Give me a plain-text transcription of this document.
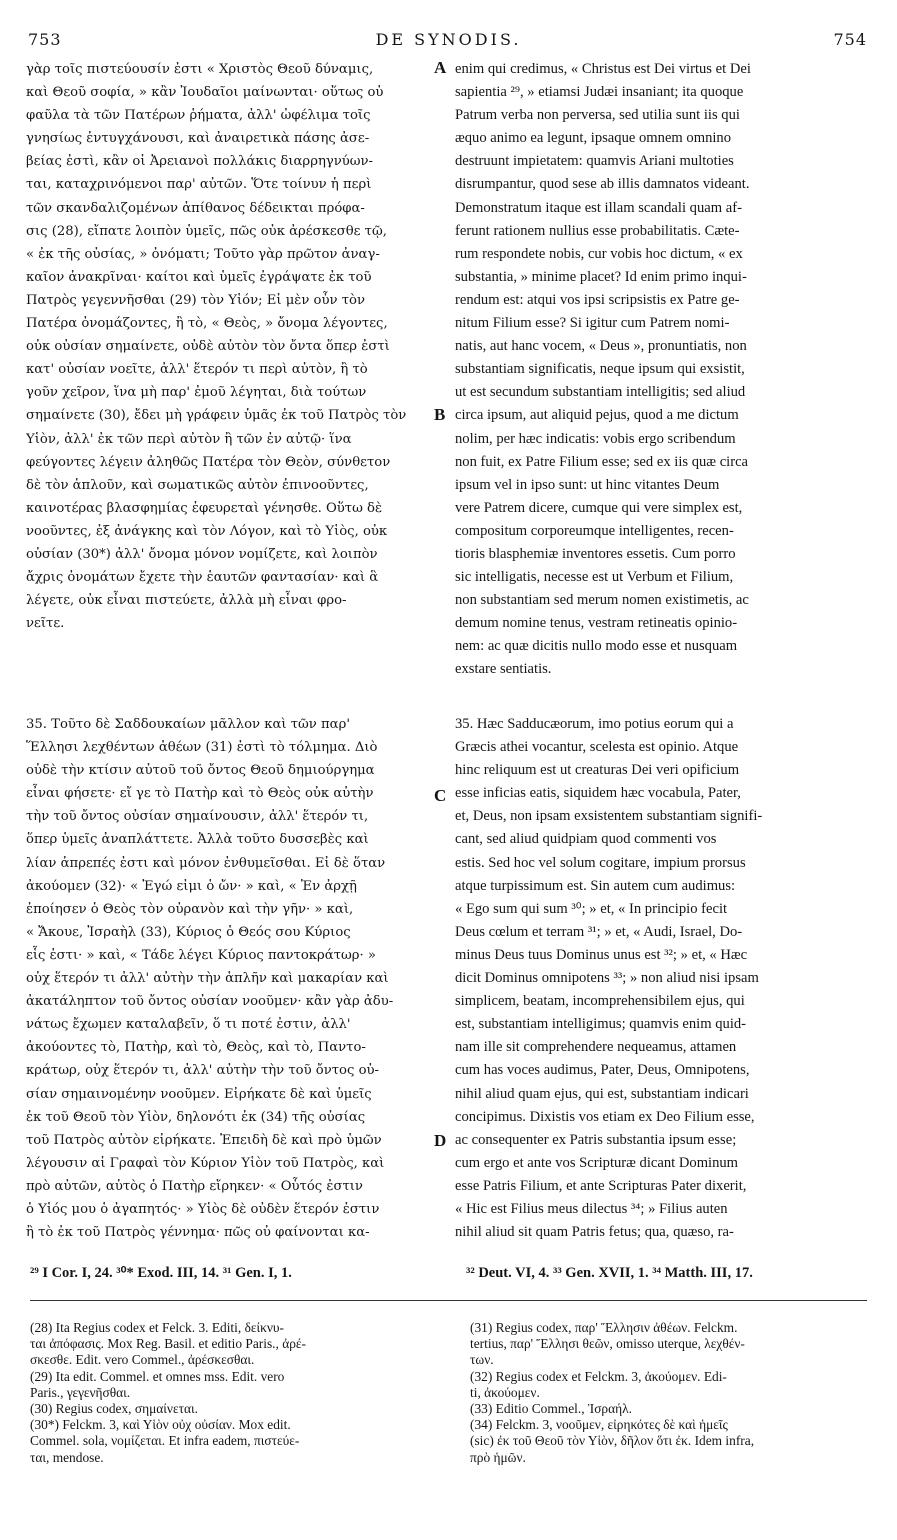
753	DE SYNODIS.	754
γὰρ τοῖς πιστεύουσίν ἐστι « Χριστὸς Θεοῦ δύναμις,
καὶ Θεοῦ σοφία, » κἂν Ἰουδαῖοι μαίνωνται· οὕτως οὐ
φαῦλα τὰ τῶν Πατέρων ῥήματα, ἀλλ' ὠφέλιμα τοῖς
γνησίως ἐντυγχάνουσι, καὶ ἀναιρετικὰ πάσης ἀσε-
βείας ἐστὶ, κἂν οἱ Ἀρειανοὶ πολλάκις διαρρηγνύων-
ται, καταχρινόμενοι παρ' αὐτῶν. Ὅτε τοίνυν ἡ περὶ
τῶν σκανδαλιζομένων ἀπίθανος δέδεικται πρόφα-
σις (28), εἴπατε λοιπὸν ὑμεῖς, πῶς οὐκ ἀρέσκεσθε τῷ,
« ἐκ τῆς οὐσίας, » ὀνόματι; Τοῦτο γὰρ πρῶτον ἀναγ-
καῖον ἀνακρῖναι· καίτοι καὶ ὑμεῖς ἐγράψατε ἐκ τοῦ
Πατρὸς γεγεννῆσθαι (29) τὸν Υἱόν; Εἰ μὲν οὖν τὸν
Πατέρα ὀνομάζοντες, ἢ τὸ, « Θεὸς, » ὄνομα λέγοντες,
οὐκ οὐσίαν σημαίνετε, οὐδὲ αὐτὸν τὸν ὄντα ὅπερ ἐστὶ
κατ' οὐσίαν νοεῖτε, ἀλλ' ἕτερόν τι περὶ αὐτὸν, ἢ τὸ
γοῦν χεῖρον, ἵνα μὴ παρ' ἐμοῦ λέγηται, διὰ τούτων
σημαίνετε (30), ἔδει μὴ γράφειν ὑμᾶς ἐκ τοῦ Πατρὸς τὸν
Υἱὸν, ἀλλ' ἐκ τῶν περὶ αὐτὸν ἢ τῶν ἐν αὐτῷ· ἵνα
φεύγοντες λέγειν ἀληθῶς Πατέρα τὸν Θεὸν, σύνθετον
δὲ τὸν ἁπλοῦν, καὶ σωματικῶς αὐτὸν ἐπινοοῦντες,
καινοτέρας βλασφημίας ἐφευρεταὶ γένησθε. Οὕτω δὲ
νοοῦντες, ἐξ ἀνάγκης καὶ τὸν Λόγον, καὶ τὸ Υἱὸς, οὐκ
οὐσίαν (30*) ἀλλ' ὄνομα μόνον νομίζετε, καὶ λοιπὸν
ἄχρις ὀνομάτων ἔχετε τὴν ἑαυτῶν φαντασίαν· καὶ ἃ
λέγετε, οὐκ εἶναι πιστεύετε, ἀλλὰ μὴ εἶναι φρο-
νεῖτε.
35. Τοῦτο δὲ Σαδδουκαίων μᾶλλον καὶ τῶν παρ'
Ἕλλησι λεχθέντων ἀθέων (31) ἐστὶ τὸ τόλμημα. Διὸ
οὐδὲ τὴν κτίσιν αὐτοῦ τοῦ ὄντος Θεοῦ δημιούργημα
εἶναι φήσετε· εἴ γε τὸ Πατὴρ καὶ τὸ Θεὸς οὐκ αὐτὴν
τὴν τοῦ ὄντος οὐσίαν σημαίνουσιν, ἀλλ' ἕτερόν τι,
ὅπερ ὑμεῖς ἀναπλάττετε. Ἀλλὰ τοῦτο δυσσεβὲς καὶ
λίαν ἀπρεπές ἐστι καὶ μόνον ἐνθυμεῖσθαι. Εἰ δὲ ὅταν
ἀκούομεν (32)· « Ἐγώ εἰμι ὁ ὤν· » καὶ, « Ἐν ἀρχῇ
ἐποίησεν ὁ Θεὸς τὸν οὐρανὸν καὶ τὴν γῆν· » καὶ,
« Ἄκουε, Ἰσραὴλ (33), Κύριος ὁ Θεός σου Κύριος
εἷς ἐστι· » καὶ, « Τάδε λέγει Κύριος παντοκράτωρ· »
οὐχ ἕτερόν τι ἀλλ' αὐτὴν τὴν ἁπλῆν καὶ μακαρίαν καὶ
ἀκατάληπτον τοῦ ὄντος οὐσίαν νοοῦμεν· κἂν γὰρ ἀδυ-
νάτως ἔχωμεν καταλαβεῖν, ὅ τι ποτέ ἐστιν, ἀλλ'
ἀκούοντες τὸ, Πατὴρ, καὶ τὸ, Θεὸς, καὶ τὸ, Παντο-
κράτωρ, οὐχ ἕτερόν τι, ἀλλ' αὐτὴν τὴν τοῦ ὄντος οὐ-
σίαν σημαινομένην νοοῦμεν. Εἰρήκατε δὲ καὶ ὑμεῖς
ἐκ τοῦ Θεοῦ τὸν Υἱὸν, δηλονότι ἐκ (34) τῆς οὐσίας
τοῦ Πατρὸς αὐτὸν εἰρήκατε. Ἐπειδὴ δὲ καὶ πρὸ ὑμῶν
λέγουσιν αἱ Γραφαὶ τὸν Κύριον Υἱὸν τοῦ Πατρὸς, καὶ
πρὸ αὐτῶν, αὐτὸς ὁ Πατὴρ εἴρηκεν· « Οὗτός ἐστιν
ὁ Υἱός μου ὁ ἀγαπητός· » Υἱὸς δὲ οὐδὲν ἕτερόν ἐστιν
ἢ τὸ ἐκ τοῦ Πατρὸς γέννημα· πῶς οὐ φαίνονται κα-
enim qui credimus, « Christus est Dei virtus et Dei
sapientia ²⁹, » etiamsi Judæi insaniant; ita quoque
Patrum verba non perversa, sed utilia sunt iis qui
æquo animo ea legunt, ipsaque omnem omnino
destruunt impietatem: quamvis Ariani multoties
disrumpantur, quod sese ab illis damnatos videant.
Demonstratum itaque est illam scandali quam af-
ferunt rationem nullius esse probabilitatis. Cæte-
rum respondete nobis, cur vobis hoc dictum, « ex
substantia, » minime placet? Id enim primo inqui-
rendum est: atqui vos ipsi scripsistis ex Patre ge-
nitum Filium esse? Si igitur cum Patrem nomi-
natis, aut hanc vocem, « Deus », pronuntiatis, non
substantiam significatis, neque ipsum qui exsistit,
ut est secundum substantiam intelligitis; sed aliud
circa ipsum, aut aliquid pejus, quod a me dictum
nolim, per hæc indicatis: vobis ergo scribendum
non fuit, ex Patre Filium esse; sed ex iis quæ circa
ipsum vel in ipso sunt: ut hinc vitantes Deum
vere Patrem dicere, cumque qui vere simplex est,
compositum corporeumque intelligentes, recen-
tioris blasphemiæ inventores essetis. Cum porro
sic intelligatis, necesse est ut Verbum et Filium,
non substantiam sed merum nomen existimetis, ac
demum nomine tenus, vestram retineatis opinio-
nem: ac quæ dicitis nullo modo esse et nusquam
exstare sentiatis.
35. Hæc Sadducæorum, imo potius eorum qui a
Græcis athei vocantur, scelesta est opinio. Atque
hinc reliquum est ut creaturas Dei veri opificium
esse inficias eatis, siquidem hæc vocabula, Pater,
et, Deus, non ipsam exsistentem substantiam signifi-
cant, sed aliud quidpiam quod commenti vos
estis. Sed hoc vel solum cogitare, impium prorsus
atque turpissimum est. Sin autem cum audimus:
« Ego sum qui sum ³⁰; » et, « In principio fecit
Deus cœlum et terram ³¹; » et, « Audi, Israel, Do-
minus Deus tuus Dominus unus est ³²; » et, « Hæc
dicit Dominus omnipotens ³³; » non aliud nisi ipsam
simplicem, beatam, incomprehensibilem ejus, qui
est, substantiam intelligimus; quamvis enim quid-
nam ille sit comprehendere nequeamus, attamen
cum has voces audimus, Pater, Deus, Omnipotens,
nihil aliud quam ejus, qui est, substantiam indicari
concipimus. Dixistis vos etiam ex Deo Filium esse,
ac consequenter ex Patris substantia ipsum esse;
cum ergo et ante vos Scripturæ dicant Dominum
esse Patris Filium, et ante Scripturas Pater dixerit,
« Hic est Filius meus dilectus ³⁴; » Filius auten
nihil aliud sit quam Patris fetus; qua, quæso, ra-
A
B
C
D
²⁹ I Cor. I, 24. ³⁰* Exod. III, 14. ³¹ Gen. I, 1.	³² Deut. VI, 4. ³³ Gen. XVII, 1. ³⁴ Matth. III, 17.
(28) Ita Regius codex et Felck. 3. Editi, δείκνυ-
ται ἀπόφασις. Mox Reg. Basil. et editio Paris., ἀρέ-
σκεσθε. Edit. vero Commel., ἀρέσκεσθαι.
(29) Ita edit. Commel. et omnes mss. Edit. vero
Paris., γεγενῆσθαι.
(30) Regius codex, σημαίνεται.
(30*) Felckm. 3, καὶ Υἱὸν οὐχ οὐσίαν. Mox edit.
Commel. sola, νομίζεται. Et infra eadem, πιστεύε-
ται, mendose.
(31) Regius codex, παρ' Ἕλλησιν ἀθέων. Felckm.
tertius, παρ' Ἕλλησι θεῶν, omisso uterque, λεχθέν-
των.
(32) Regius codex et Felckm. 3, ἀκούομεν. Edi-
ti, ἀκούομεν.
(33) Editio Commel., Ἰσραήλ.
(34) Felckm. 3, νοοῦμεν, εἰρηκότες δὲ καὶ ἡμεῖς
(sic) ἐκ τοῦ Θεοῦ τὸν Υἱὸν, δῆλον ὅτι ἐκ. Idem infra,
πρὸ ἡμῶν.
